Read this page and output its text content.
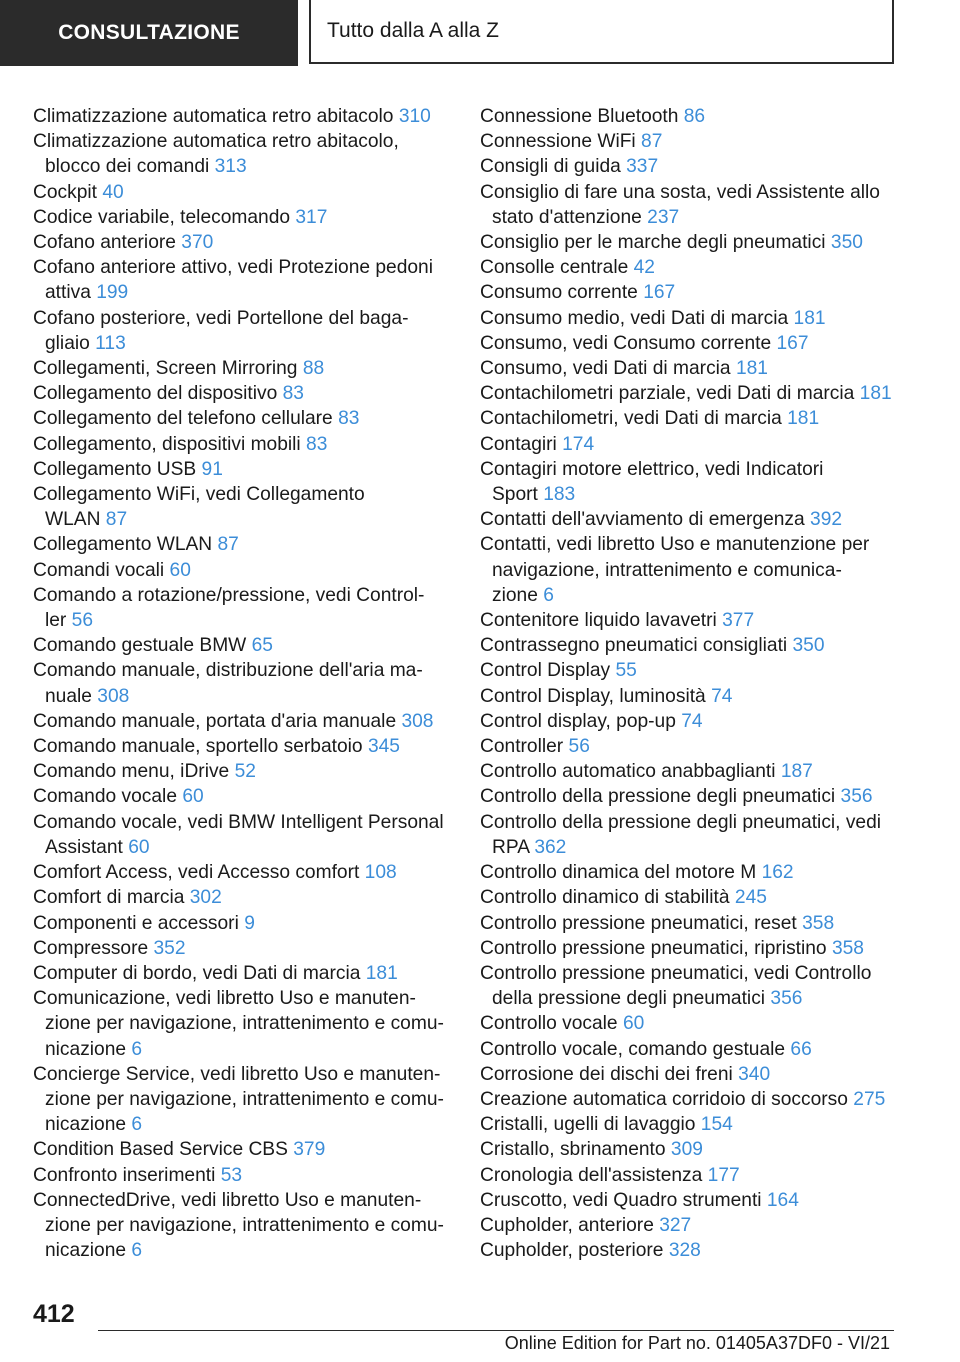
CONSULTAZIONE	Tutto dalla A alla Z
Climatizzazione automatica retro abitacolo 310
Climatizzazione automatica retro abitacolo,
blocco dei comandi 313
Cockpit 40
Codice variabile, telecomando 317
Cofano anteriore 370
Cofano anteriore attivo, vedi Protezione pedoni
attiva 199
Cofano posteriore, vedi Portellone del baga-
gliaio 113
Collegamenti, Screen Mirroring 88
Collegamento del dispositivo 83
Collegamento del telefono cellulare 83
Collegamento, dispositivi mobili 83
Collegamento USB 91
Collegamento WiFi, vedi Collegamento
WLAN 87
Collegamento WLAN 87
Comandi vocali 60
Comando a rotazione/pressione, vedi Control-
ler 56
Comando gestuale BMW 65
Comando manuale, distribuzione dell'aria ma-
nuale 308
Comando manuale, portata d'aria manuale 308
Comando manuale, sportello serbatoio 345
Comando menu, iDrive 52
Comando vocale 60
Comando vocale, vedi BMW Intelligent Personal
Assistant 60
Comfort Access, vedi Accesso comfort 108
Comfort di marcia 302
Componenti e accessori 9
Compressore 352
Computer di bordo, vedi Dati di marcia 181
Comunicazione, vedi libretto Uso e manuten-
zione per navigazione, intrattenimento e comu-
nicazione 6
Concierge Service, vedi libretto Uso e manuten-
zione per navigazione, intrattenimento e comu-
nicazione 6
Condition Based Service CBS 379
Confronto inserimenti 53
ConnectedDrive, vedi libretto Uso e manuten-
zione per navigazione, intrattenimento e comu-
nicazione 6
Connessione Bluetooth 86
Connessione WiFi 87
Consigli di guida 337
Consiglio di fare una sosta, vedi Assistente allo
stato d'attenzione 237
Consiglio per le marche degli pneumatici 350
Consolle centrale 42
Consumo corrente 167
Consumo medio, vedi Dati di marcia 181
Consumo, vedi Consumo corrente 167
Consumo, vedi Dati di marcia 181
Contachilometri parziale, vedi Dati di marcia 181
Contachilometri, vedi Dati di marcia 181
Contagiri 174
Contagiri motore elettrico, vedi Indicatori
Sport 183
Contatti dell'avviamento di emergenza 392
Contatti, vedi libretto Uso e manutenzione per
navigazione, intrattenimento e comunica-
zione 6
Contenitore liquido lavavetri 377
Contrassegno pneumatici consigliati 350
Control Display 55
Control Display, luminosità 74
Control display, pop-up 74
Controller 56
Controllo automatico anabbaglianti 187
Controllo della pressione degli pneumatici 356
Controllo della pressione degli pneumatici, vedi
RPA 362
Controllo dinamica del motore M 162
Controllo dinamico di stabilità 245
Controllo pressione pneumatici, reset 358
Controllo pressione pneumatici, ripristino 358
Controllo pressione pneumatici, vedi Controllo
della pressione degli pneumatici 356
Controllo vocale 60
Controllo vocale, comando gestuale 66
Corrosione dei dischi dei freni 340
Creazione automatica corridoio di soccorso 275
Cristalli, ugelli di lavaggio 154
Cristallo, sbrinamento 309
Cronologia dell'assistenza 177
Cruscotto, vedi Quadro strumenti 164
Cupholder, anteriore 327
Cupholder, posteriore 328
412
Online Edition for Part no. 01405A37DF0 - VI/21
